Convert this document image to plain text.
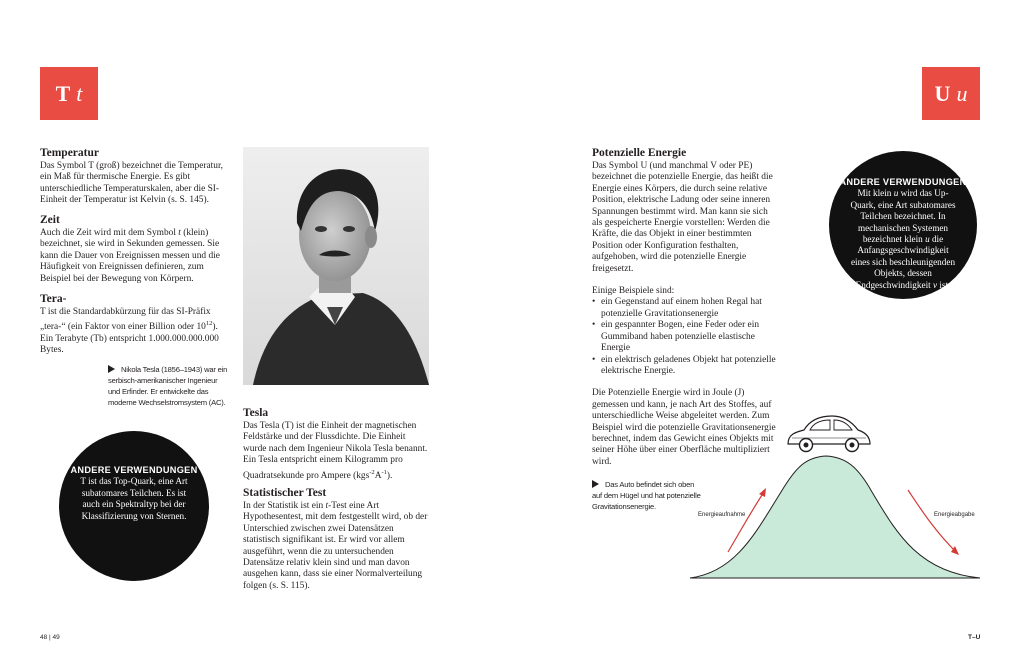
T t
Temperatur
Das Symbol T (groß) bezeichnet die Temperatur, ein Maß für thermische Energie. Es gibt unterschiedliche Temperaturskalen, aber die SI-Einheit der Temperatur ist Kelvin (s. S. 145).
Zeit
Auch die Zeit wird mit dem Symbol t (klein) bezeichnet, sie wird in Sekunden gemessen. Sie kann die Dauer von Ereignissen messen und die Häufigkeit von Ereignissen definieren, zum Beispiel bei der Bewegung von Körpern.
Tera-
T ist die Standardabkürzung für das SI-Präfix „tera-“ (ein Faktor von einer Billion oder $10^{12}$). Ein Terabyte (Tb) entspricht 1.000.000.000.000 Bytes.
Nikola Tesla (1856–1943) war ein serbisch-amerikanischer Ingenieur und Erfinder. Er entwickelte das moderne Wechselstromsystem (AC).
ANDERE VERWENDUNGEN
T ist das Top-Quark, eine Art subatomares Teilchen. Es ist auch ein Spektraltyp bei der Klassifizierung von Sternen.
Tesla
Das Tesla (T) ist die Einheit der magnetischen Feldstärke und der Flussdichte. Die Einheit wurde nach dem Ingenieur Nikola Tesla benannt. Ein Tesla entspricht einem Kilogramm pro Quadratsekunde pro Ampere $(kgs^{-2}A^{-1})$.
Statistischer Test
In der Statistik ist ein t-Test eine Art Hypothesentest, mit dem festgestellt wird, ob der Unterschied zwischen zwei Datensätzen statistisch signifikant ist. Er wird vor allem ausgeführt, wenn die zu untersuchenden Datensätze relativ klein sind und man davon ausgehen kann, dass sie einer Normalverteilung folgen (s. S. 115).
48 | 49
U u
Potenzielle Energie
Das Symbol U (und manchmal V oder PE) bezeichnet die potenzielle Energie, das heißt die Energie eines Körpers, die durch seine relative Position, elektrische Ladung oder seine inneren Spannungen bestimmt wird. Man kann sie sich als gespeicherte Energie vorstellen: Werden die Kräfte, die das Objekt in einer bestimmten Position oder Konfiguration festhalten, aufgehoben, wird die potenzielle Energie freigesetzt.
Einige Beispiele sind:
• ein Gegenstand auf einem hohen Regal hat potenzielle Gravitationsenergie
• ein gespannter Bogen, eine Feder oder ein Gummiband haben potenzielle elastische Energie
• ein elektrisch geladenes Objekt hat potenzielle elektrische Energie.
Die Potenzielle Energie wird in Joule (J) gemessen und kann, je nach Art des Stoffes, auf unterschiedliche Weise abgeleitet werden. Zum Beispiel wird die potenzielle Gravitationsenergie berechnet, indem das Gewicht eines Objekts mit seiner Höhe über einer Oberfläche multipliziert wird.
ANDERE VERWENDUNGEN
Mit klein u wird das Up-Quark, eine Art subatomares Teilchen bezeichnet. In mechanischen Systemen bezeichnet klein u die Anfangsgeschwindigkeit eines sich beschleunigenden Objekts, dessen Endgeschwindigkeit v ist.
Das Auto befindet sich oben auf dem Hügel und hat potenzielle Gravitationsenergie.
Energieaufnahme	Energieabgabe
T–U
